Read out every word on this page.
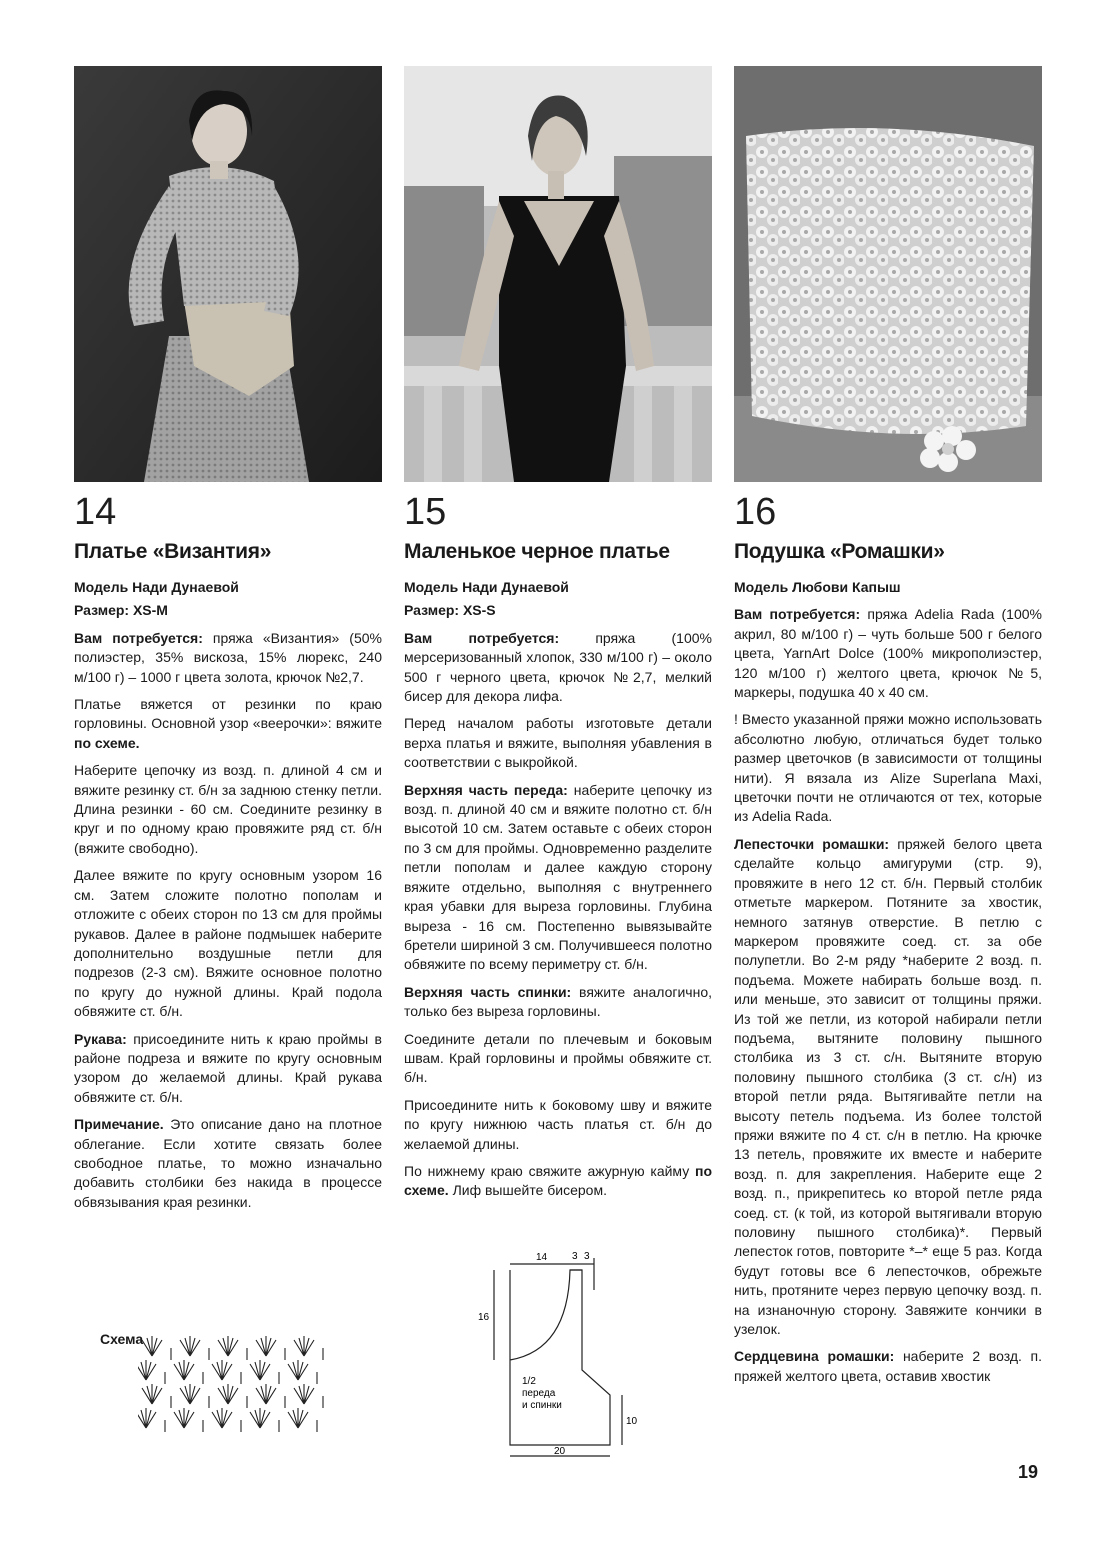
14
Платье «Византия»

Модель Нади Дунаевой

Размер: XS-M

Вам потребуется: пряжа «Византия» (50% полиэстер, 35% вискоза, 15% люрекс, 240 м/100 г) – 1000 г цвета золота, крючок №2,7.

Платье вяжется от резинки по краю горловины. Основной узор «веерочки»: вяжите по схеме.

Наберите цепочку из возд. п. длиной 4 см и вяжите резинку ст. б/н за заднюю стенку петли. Длина резинки - 60 см. Соедините резинку в круг и по одному краю провяжите ряд ст. б/н (вяжите свободно).

Далее вяжите по кругу основным узором 16 см. Затем сложите полотно пополам и отложите с обеих сторон по 13 см для проймы рукавов. Далее в районе подмышек наберите дополнительно воздушные петли для подрезов (2-3 см). Вяжите основное полотно по кругу до нужной длины. Край подола обвяжите ст. б/н.

Рукава: присоедините нить к краю проймы в районе подреза и вяжите по кругу основным узором до желаемой длины. Край рукава обвяжите ст. б/н.

Примечание. Это описание дано на плотное облегание. Если хотите связать более свободное платье, то можно изначально добавить столбики без накида в процессе обвязывания края резинки.

Схема
15
Маленькое черное платье

Модель Нади Дунаевой

Размер: XS-S

Вам потребуется:	пряжа (100% мерсеризованный хлопок, 330 м/100 г) – около 500 г черного цвета, крючок №2,7, мелкий бисер для декора лифа.

Перед началом работы изготовьте детали верха платья и вяжите, выполняя убавления в соответствии с выкройкой.

Верхняя часть переда: наберите цепочку из возд. п. длиной 40 см и вяжите полотно ст. б/н высотой 10 см. Затем оставьте с обеих сторон по 3 см для проймы. Одновременно разделите петли пополам и далее каждую сторону вяжите отдельно, выполняя с внутреннего края убавки для выреза горловины. Глубина выреза - 16 см. Постепенно вывязывайте бретели шириной 3 см. Получившееся полотно обвяжите по всему периметру ст. б/н.

Верхняя часть спинки: вяжите аналогично, только без выреза горловины.

Соедините детали по плечевым и боковым швам. Край горловины и проймы обвяжите ст. б/н.

Присоедините нить к боковому шву и вяжите по кругу нижнюю часть платья ст. б/н до желаемой длины.

По нижнему краю свяжите ажурную кайму по схеме. Лиф вышейте бисером.

14 3 3
16
10
20
1/2
переда
и спинки
16
Подушка «Ромашки»

Модель Любови Капыш

Вам потребуется: пряжа Adelia Rada (100% акрил, 80 м/100 г) – чуть больше 500 г белого цвета, YarnArt Dolce (100% микрополиэстер, 120 м/100 г) желтого цвета, крючок №5, маркеры, подушка 40 х 40 см.

! Вместо указанной пряжи можно использовать абсолютно любую, отличаться будет только размер цветочков (в зависимости от толщины нити). Я вязала из Alize Superlana Maxi, цветочки почти не отличаются от тех, которые из Adelia Rada.

Лепесточки ромашки: пряжей белого цвета сделайте кольцо амигуруми (стр. 9), провяжите в него 12 ст. б/н. Первый столбик отметьте маркером. Потяните за хвостик, немного затянув отверстие. В петлю с маркером провяжите соед. ст. за обе полупетли. Во 2-м ряду *наберите 2 возд. п. подъема. Можете набирать больше возд. п. или меньше, это зависит от толщины пряжи. Из той же петли, из которой набирали петли подъема, вытяните половину пышного столбика из 3 ст. с/н. Вытяните вторую половину пышного столбика (3 ст. с/н) из второй петли ряда. Вытягивайте петли на высоту петель подъема. Из более толстой пряжи вяжите по 4 ст. с/н в петлю. На крючке 13 петель, провяжите их вместе и наберите возд. п. для закрепления. Наберите еще 2 возд. п., прикрепитесь ко второй петле ряда соед. ст. (к той, из которой вытягивали вторую половину пышного столбика)*. Первый лепесток готов, повторите *–* еще 5 раз. Когда будут готовы все 6 лепесточков, обрежьте нить, протяните через первую цепочку возд. п. на изнаночную сторону. Завяжите кончики в узелок.

Сердцевина ромашки: наберите 2 возд. п. пряжей желтого цвета, оставив хвостик

19
